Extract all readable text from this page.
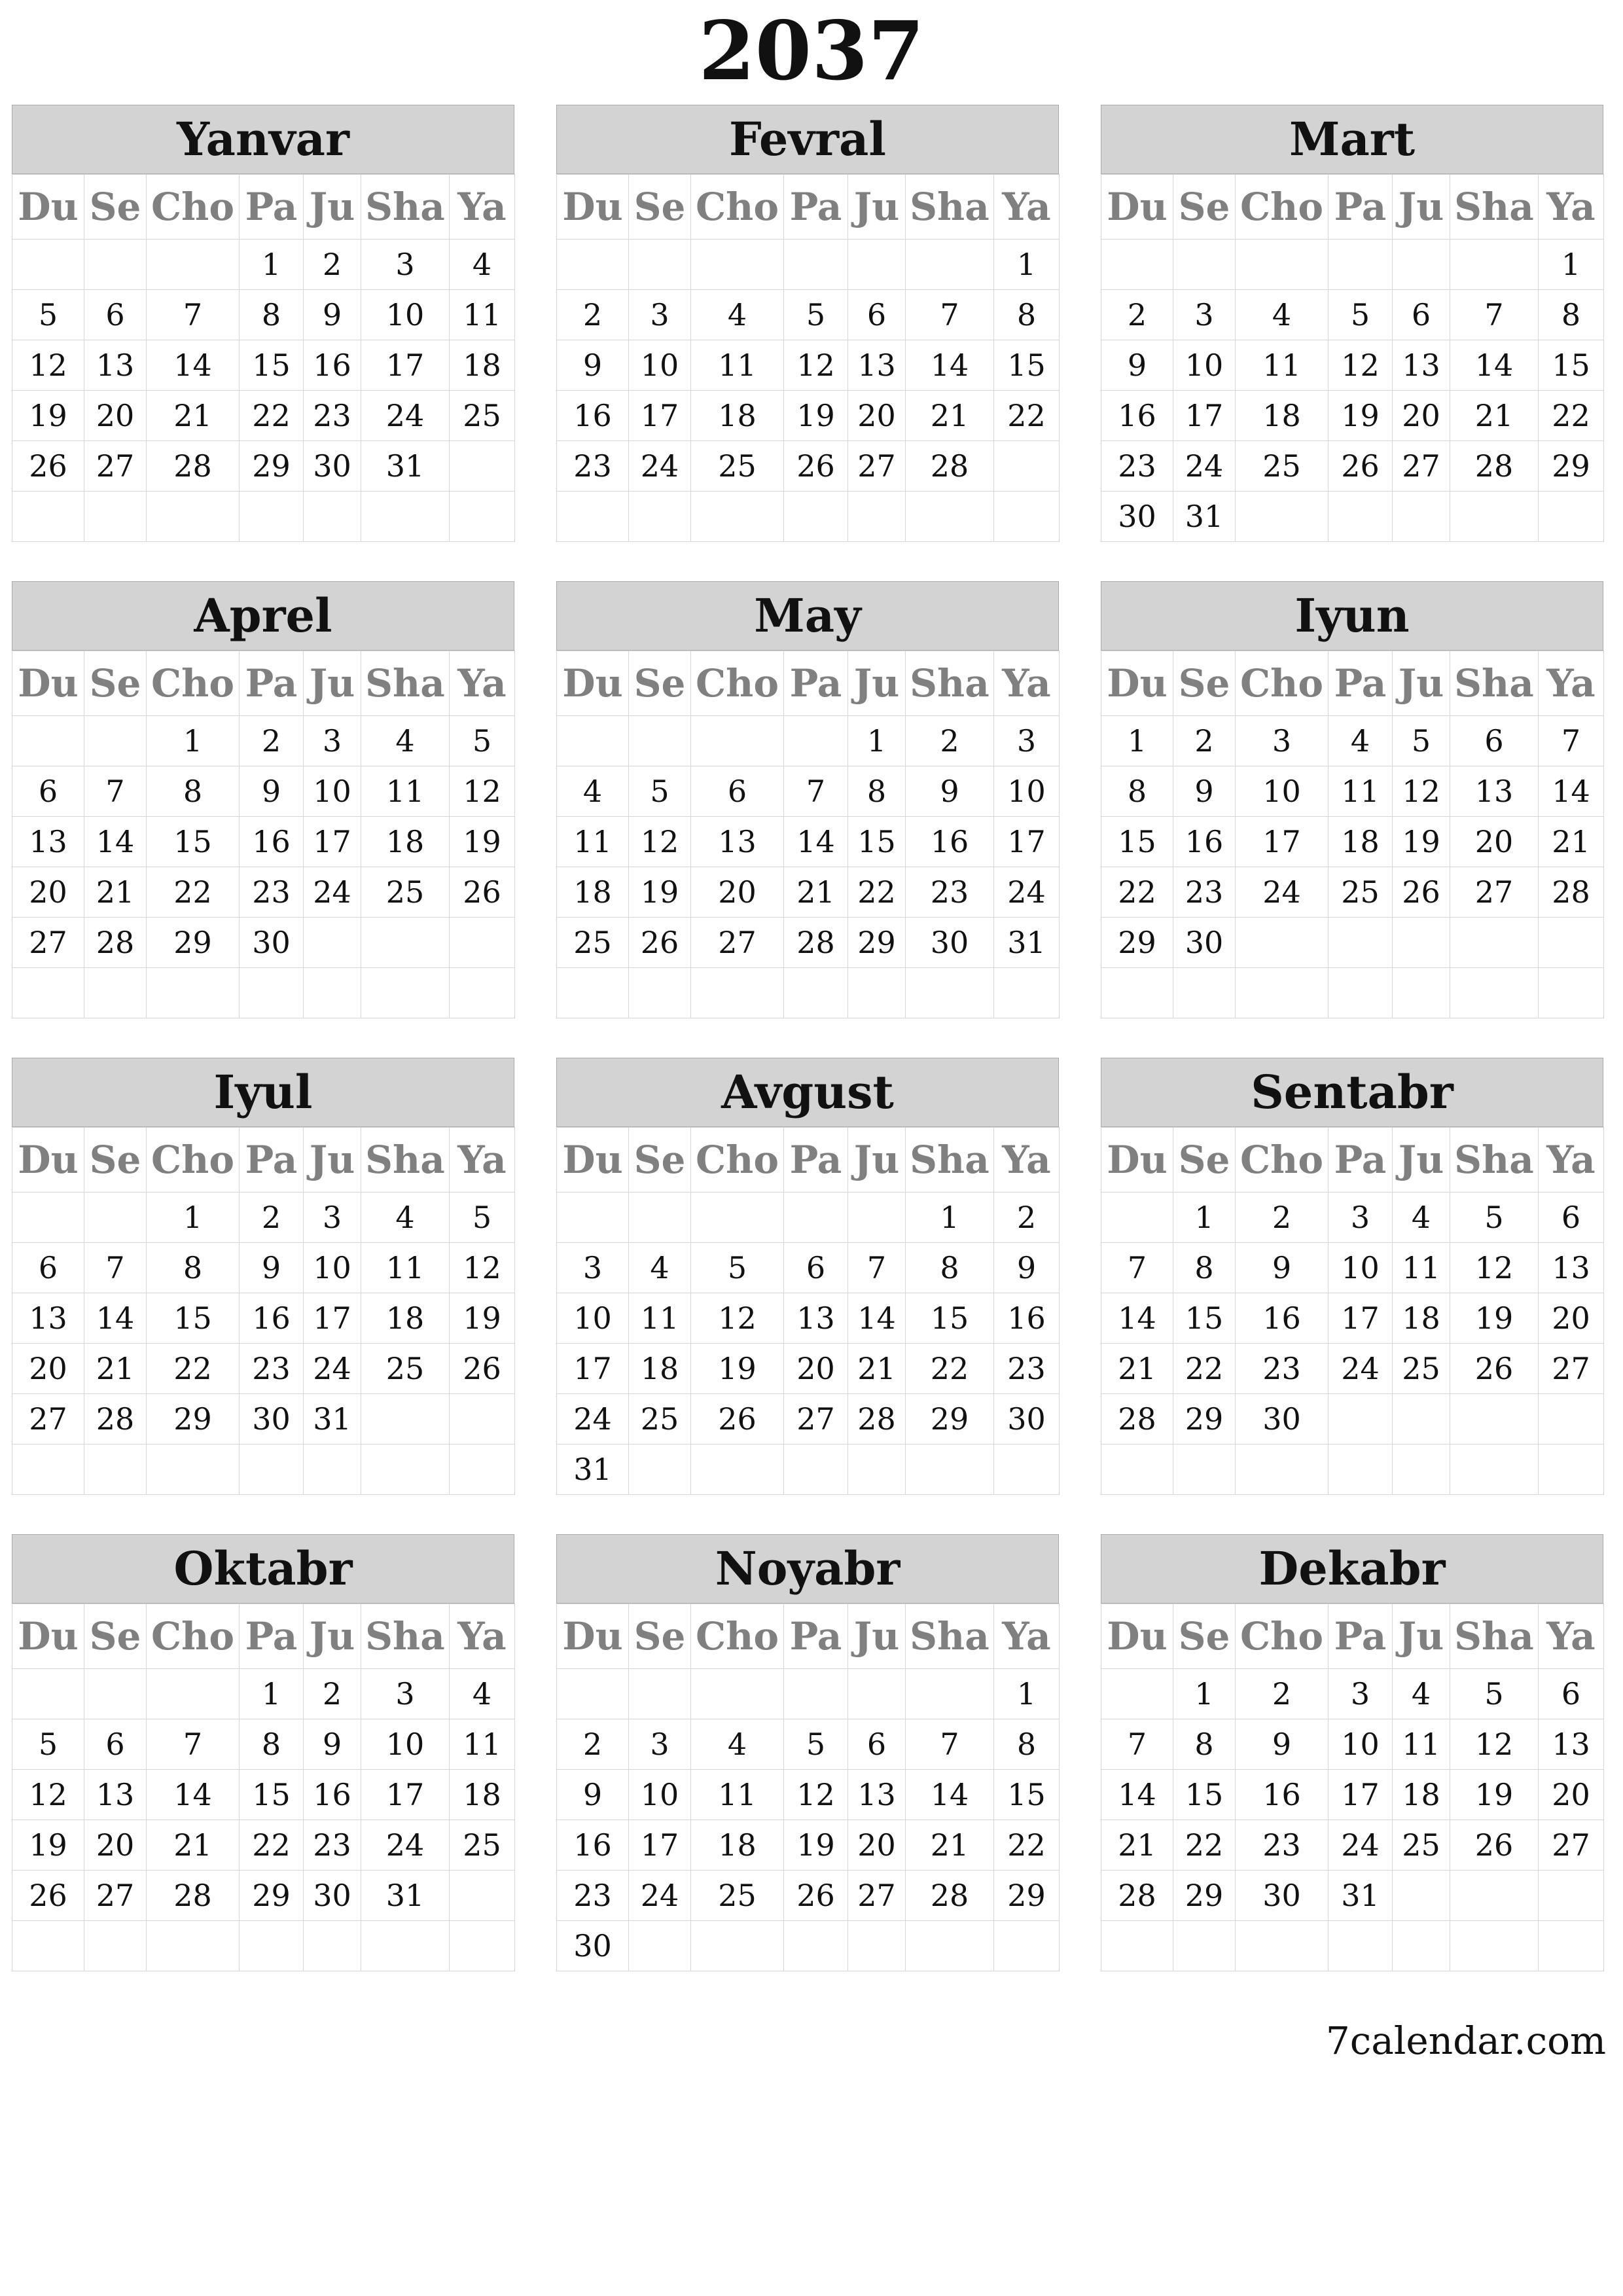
2037
Yanvar
Du	Se	Cho	Pa	Ju	Sha	Ya
			1	2	3	4
5	6	7	8	9	10	11
12	13	14	15	16	17	18
19	20	21	22	23	24	25
26	27	28	29	30	31	

Fevral
Du	Se	Cho	Pa	Ju	Sha	Ya
						1
2	3	4	5	6	7	8
9	10	11	12	13	14	15
16	17	18	19	20	21	22
23	24	25	26	27	28	

Mart
Du	Se	Cho	Pa	Ju	Sha	Ya
						1
2	3	4	5	6	7	8
9	10	11	12	13	14	15
16	17	18	19	20	21	22
23	24	25	26	27	28	29
30	31					
Aprel
Du	Se	Cho	Pa	Ju	Sha	Ya
		1	2	3	4	5
6	7	8	9	10	11	12
13	14	15	16	17	18	19
20	21	22	23	24	25	26
27	28	29	30			

May
Du	Se	Cho	Pa	Ju	Sha	Ya
				1	2	3
4	5	6	7	8	9	10
11	12	13	14	15	16	17
18	19	20	21	22	23	24
25	26	27	28	29	30	31

Iyun
Du	Se	Cho	Pa	Ju	Sha	Ya
1	2	3	4	5	6	7
8	9	10	11	12	13	14
15	16	17	18	19	20	21
22	23	24	25	26	27	28
29	30					

Iyul
Du	Se	Cho	Pa	Ju	Sha	Ya
		1	2	3	4	5
6	7	8	9	10	11	12
13	14	15	16	17	18	19
20	21	22	23	24	25	26
27	28	29	30	31		

Avgust
Du	Se	Cho	Pa	Ju	Sha	Ya
					1	2
3	4	5	6	7	8	9
10	11	12	13	14	15	16
17	18	19	20	21	22	23
24	25	26	27	28	29	30
31						
Sentabr
Du	Se	Cho	Pa	Ju	Sha	Ya
	1	2	3	4	5	6
7	8	9	10	11	12	13
14	15	16	17	18	19	20
21	22	23	24	25	26	27
28	29	30				

Oktabr
Du	Se	Cho	Pa	Ju	Sha	Ya
			1	2	3	4
5	6	7	8	9	10	11
12	13	14	15	16	17	18
19	20	21	22	23	24	25
26	27	28	29	30	31	

Noyabr
Du	Se	Cho	Pa	Ju	Sha	Ya
						1
2	3	4	5	6	7	8
9	10	11	12	13	14	15
16	17	18	19	20	21	22
23	24	25	26	27	28	29
30						
Dekabr
Du	Se	Cho	Pa	Ju	Sha	Ya
	1	2	3	4	5	6
7	8	9	10	11	12	13
14	15	16	17	18	19	20
21	22	23	24	25	26	27
28	29	30	31			

7calendar.com
